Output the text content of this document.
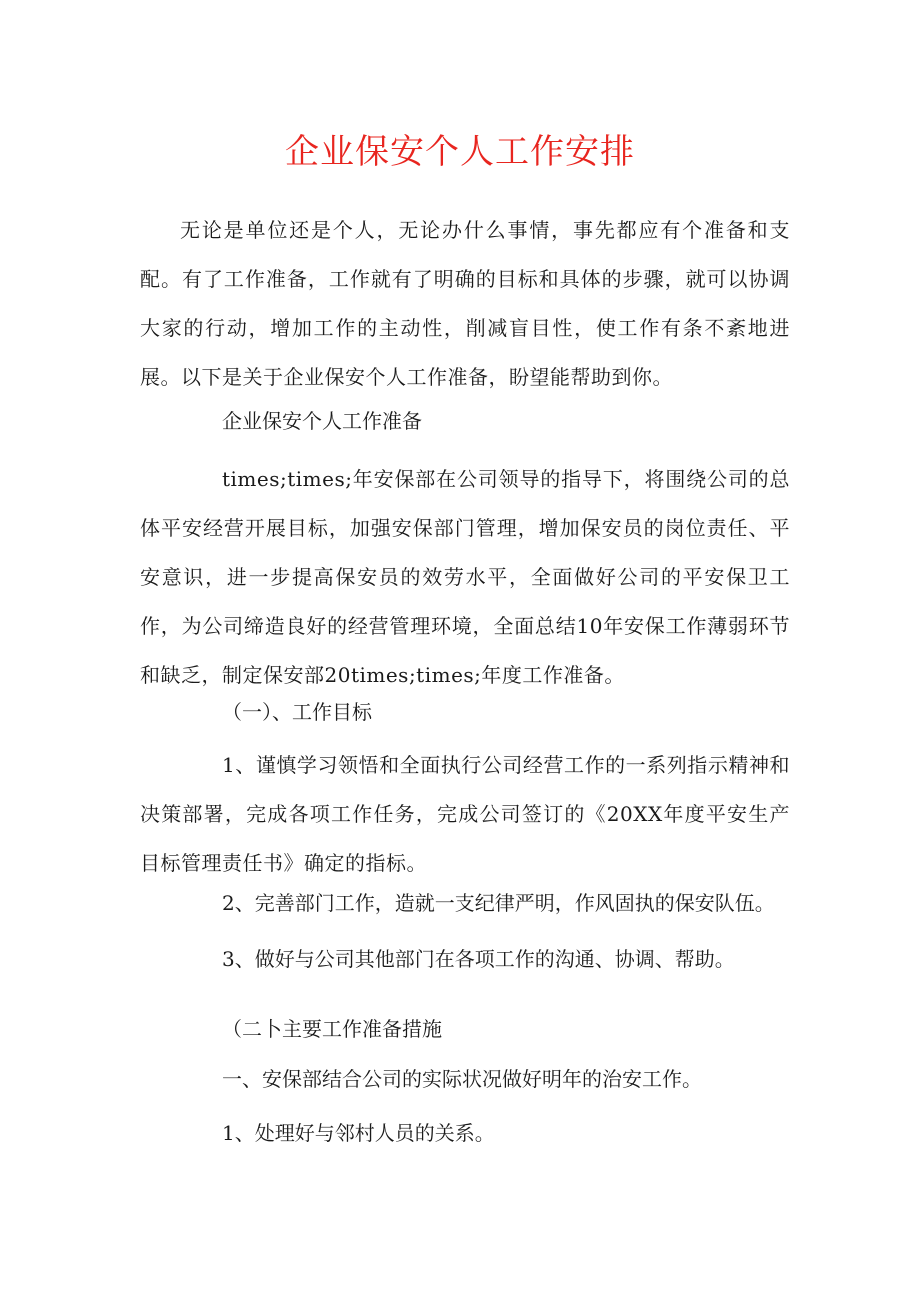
企业保安个人工作安排

无论是单位还是个人，无论办什么事情，事先都应有个准备和支配。有了工作准备，工作就有了明确的目标和具体的步骤，就可以协调大家的行动，增加工作的主动性，削减盲目性，使工作有条不紊地进展。以下是关于企业保安个人工作准备，盼望能帮助到你。

企业保安个人工作准备

times;times;年安保部在公司领导的指导下，将围绕公司的总体平安经营开展目标，加强安保部门管理，增加保安员的岗位责任、平安意识，进一步提高保安员的效劳水平，全面做好公司的平安保卫工作，为公司缔造良好的经营管理环境，全面总结10年安保工作薄弱环节和缺乏，制定保安部20times;times;年度工作准备。

（一）、工作目标

1、谨慎学习领悟和全面执行公司经营工作的一系列指示精神和决策部署，完成各项工作任务，完成公司签订的《20XX年度平安生产目标管理责任书》确定的指标。

2、完善部门工作，造就一支纪律严明，作风固执的保安队伍。

3、做好与公司其他部门在各项工作的沟通、协调、帮助。

（二卜主要工作准备措施

一、安保部结合公司的实际状况做好明年的治安工作。

1、处理好与邻村人员的关系。
